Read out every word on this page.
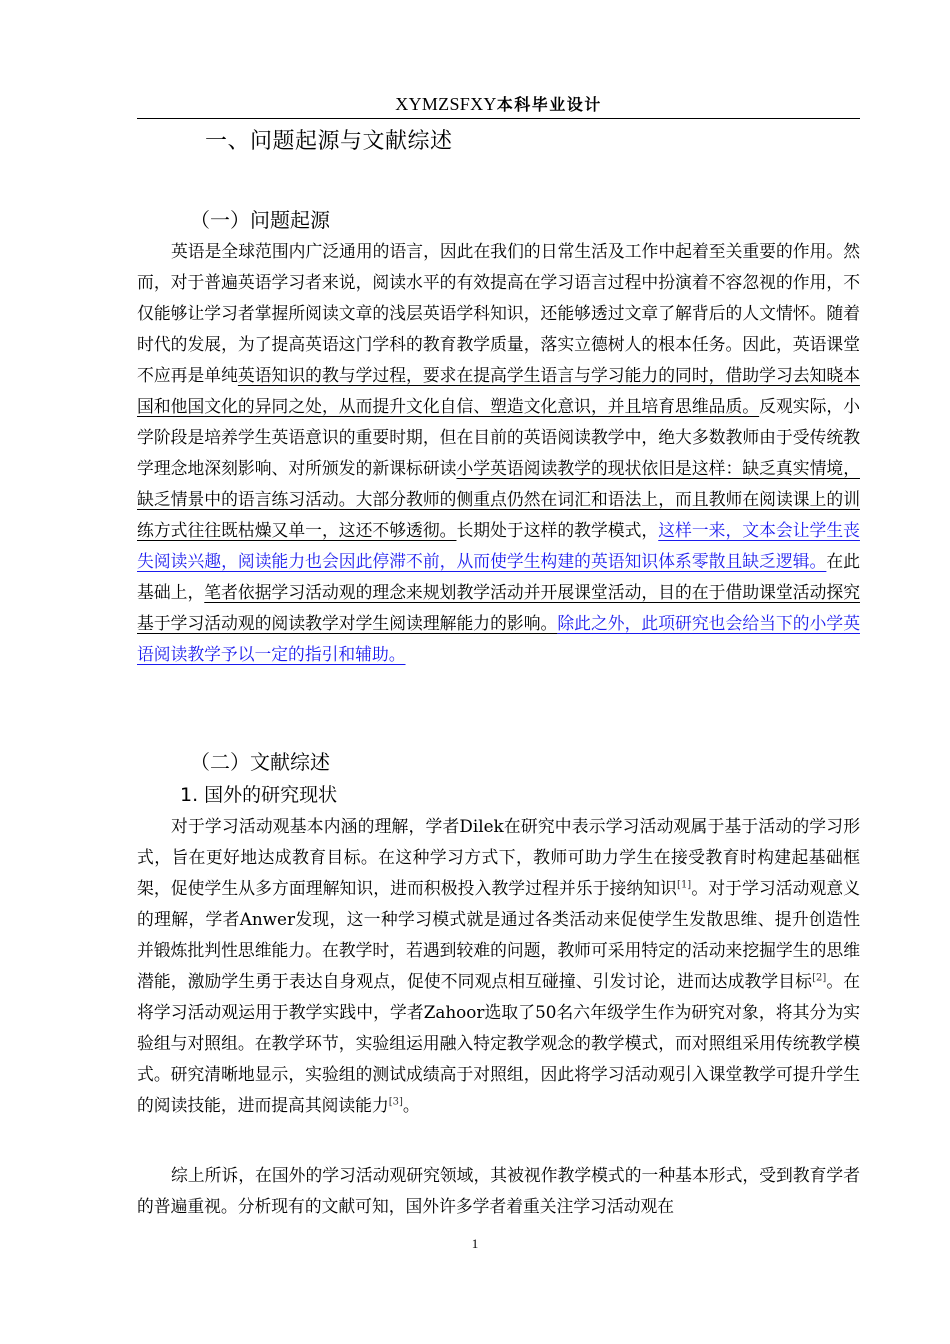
XYMZSFXY本科毕业设计
一、问题起源与文献综述
（一）问题起源
英语是全球范围内广泛通用的语言，因此在我们的日常生活及工作中起着至关重要的作用。然而，对于普遍英语学习者来说，阅读水平的有效提高在学习语言过程中扮演着不容忽视的作用，不仅能够让学习者掌握所阅读文章的浅层英语学科知识，还能够透过文章了解背后的人文情怀。随着时代的发展，为了提高英语这门学科的教育教学质量，落实立德树人的根本任务。因此，英语课堂不应再是单纯英语知识的教与学过程，要求在提高学生语言与学习能力的同时，借助学习去知晓本国和他国文化的异同之处，从而提升文化自信、塑造文化意识，并且培育思维品质。反观实际，小学阶段是培养学生英语意识的重要时期，但在目前的英语阅读教学中，绝大多数教师由于受传统教学理念地深刻影响、对所颁发的新课标研读小学英语阅读教学的现状依旧是这样：缺乏真实情境，缺乏情景中的语言练习活动。大部分教师的侧重点仍然在词汇和语法上，而且教师在阅读课上的训练方式往往既枯燥又单一，这还不够透彻。长期处于这样的教学模式，这样一来，文本会让学生丧失阅读兴趣，阅读能力也会因此停滞不前，从而使学生构建的英语知识体系零散且缺乏逻辑。在此基础上，笔者依据学习活动观的理念来规划教学活动并开展课堂活动，目的在于借助课堂活动探究基于学习活动观的阅读教学对学生阅读理解能力的影响。除此之外，此项研究也会给当下的小学英语阅读教学予以一定的指引和辅助。
（二）文献综述
1. 国外的研究现状
对于学习活动观基本内涵的理解，学者Dilek在研究中表示学习活动观属于基于活动的学习形式，旨在更好地达成教育目标。在这种学习方式下，教师可助力学生在接受教育时构建起基础框架，促使学生从多方面理解知识，进而积极投入教学过程并乐于接纳知识[1]。对于学习活动观意义的理解，学者Anwer发现，这一种学习模式就是通过各类活动来促使学生发散思维、提升创造性并锻炼批判性思维能力。在教学时，若遇到较难的问题，教师可采用特定的活动来挖掘学生的思维潜能，激励学生勇于表达自身观点，促使不同观点相互碰撞、引发讨论，进而达成教学目标[2]。在将学习活动观运用于教学实践中，学者Zahoor选取了50名六年级学生作为研究对象，将其分为实验组与对照组。在教学环节，实验组运用融入特定教学观念的教学模式，而对照组采用传统教学模式。研究清晰地显示，实验组的测试成绩高于对照组，因此将学习活动观引入课堂教学可提升学生的阅读技能，进而提高其阅读能力[3]。
综上所诉，在国外的学习活动观研究领域，其被视作教学模式的一种基本形式，受到教育学者的普遍重视。分析现有的文献可知，国外许多学者着重关注学习活动观在
1
